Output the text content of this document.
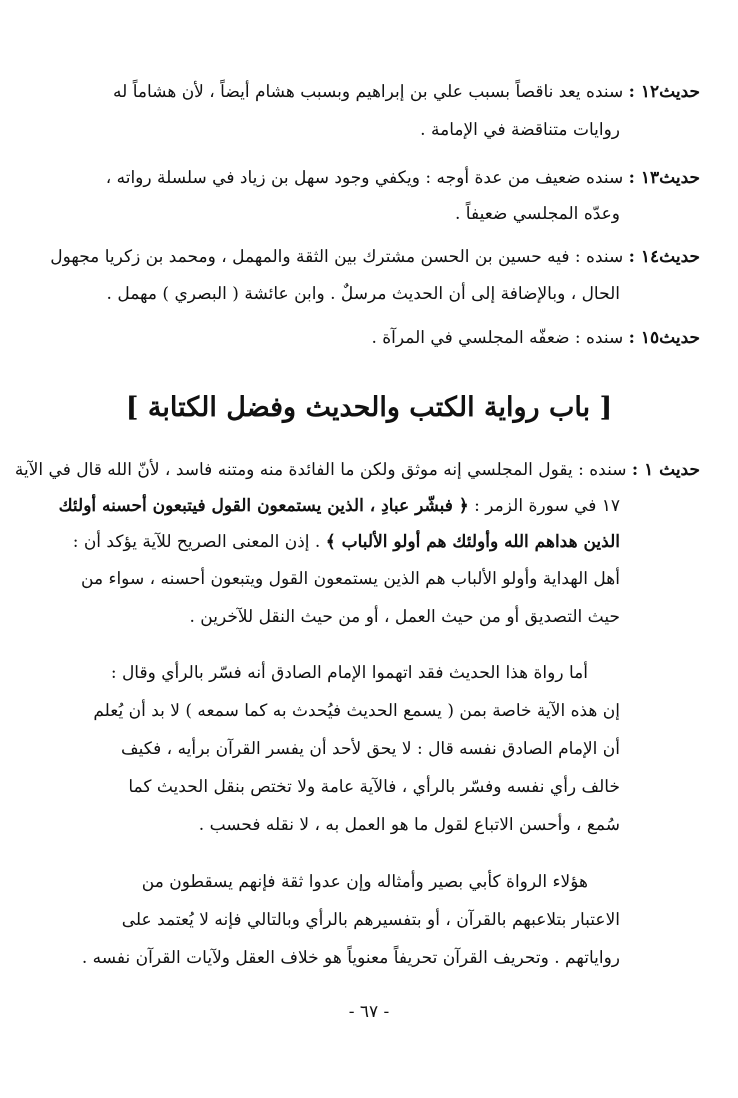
حديث١٢ : سنده يعد ناقصاً بسبب علي بن إبراهيم وبسبب هشام أيضاً ، لأن هشاماً له
روايات متناقضة في الإمامة .
حديث١٣ : سنده ضعيف من عدة أوجه : ويكفي وجود سهل بن زياد في سلسلة رواته ،
وعدّه المجلسي ضعيفاً .
حديث١٤ : سنده : فيه حسين بن الحسن مشترك بين الثقة والمهمل ، ومحمد بن زكريا مجهول
الحال ، وبالإضافة إلى أن الحديث مرسلٌ . وابن عائشة ( البصري ) مهمل .
حديث١٥ : سنده : ضعفّه المجلسي في المرآة .
[ باب رواية الكتب والحديث وفضل الكتابة ]
حديث ١ : سنده : يقول المجلسي إنه موثق ولكن ما الفائدة منه ومتنه فاسد ، لأنّ الله قال في الآية
١٧ في سورة الزمر : ﴿ فبشّر عبادِ ، الذين يستمعون القول فيتبعون أحسنه أولئك
الذين هداهم الله وأولئك هم أولو الألباب ﴾ . إذن المعنى الصريح للآية يؤكد أن :
أهل الهداية وأولو الألباب هم الذين يستمعون القول ويتبعون أحسنه ، سواء من
حيث التصديق أو من حيث العمل ، أو من حيث النقل للآخرين .
أما رواة هذا الحديث فقد اتهموا الإمام الصادق أنه فسّر بالرأي وقال :
إن هذه الآية خاصة بمن ( يسمع الحديث فيُحدث به كما سمعه ) لا بد أن يُعلم
أن الإمام الصادق نفسه قال : لا يحق لأحد أن يفسر القرآن برأيه ، فكيف
خالف رأي نفسه وفسّر بالرأي ، فالآية عامة ولا تختص بنقل الحديث كما
سُمع ، وأحسن الاتباع لقول ما هو العمل به ، لا نقله فحسب .
هؤلاء الرواة كأبي بصير وأمثاله وإن عدوا ثقة فإنهم يسقطون من
الاعتبار بتلاعبهم بالقرآن ، أو بتفسيرهم بالرأي وبالتالي فإنه لا يُعتمد على
رواياتهم . وتحريف القرآن تحريفاً معنوياً هو خلاف العقل ولآيات القرآن نفسه .
- ٦٧ -
